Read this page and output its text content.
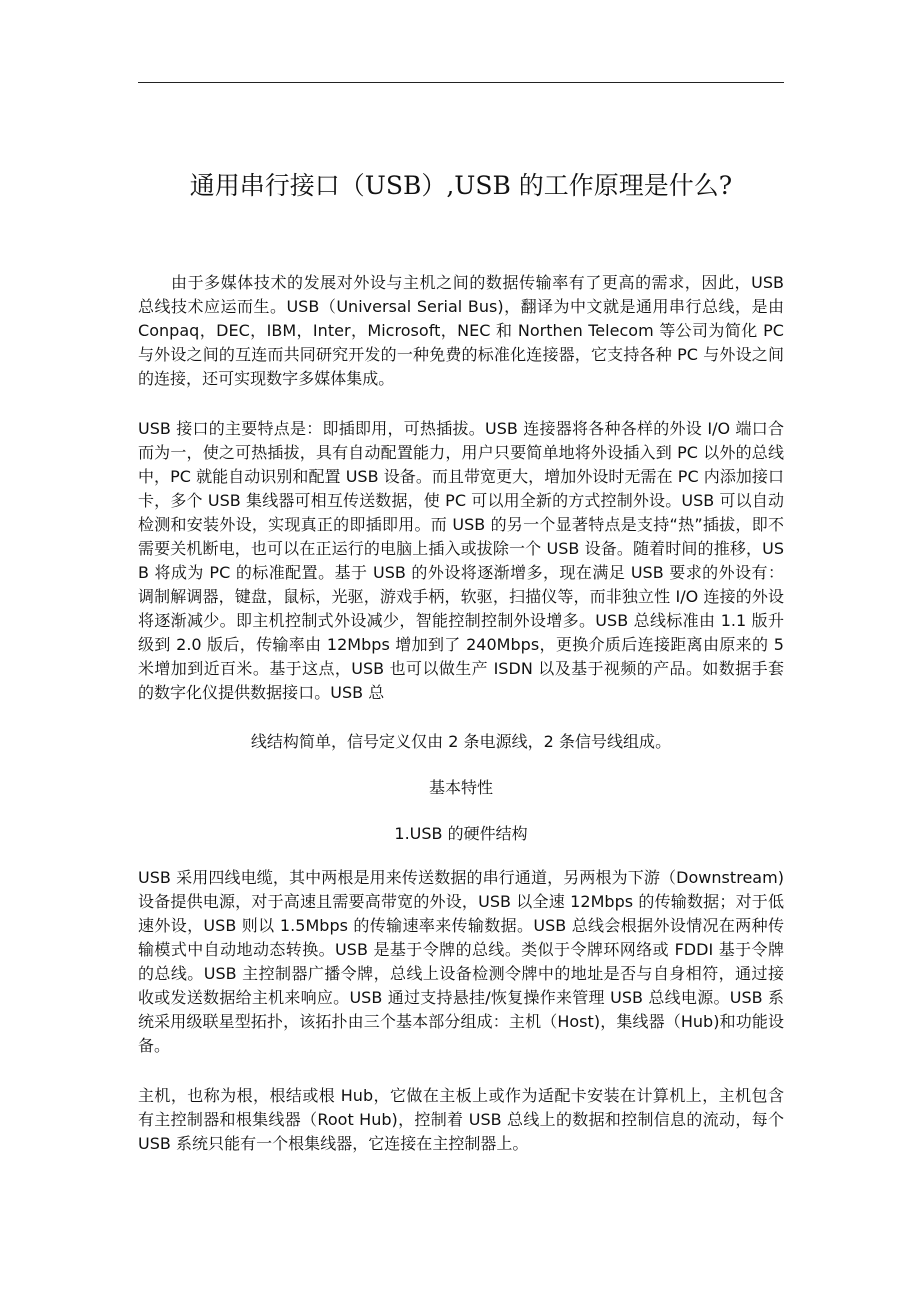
通用串行接口（USB）,USB 的工作原理是什么?
由于多媒体技术的发展对外设与主机之间的数据传输率有了更高的需求，因此，USB 总线技术应运而生。USB（Universal Serial Bus)，翻译为中文就是通用串行总线，是由 Conpaq，DEC，IBM，Inter，Microsoft，NEC 和 Northen Telecom 等公司为简化 PC 与外设之间的互连而共同研究开发的一种免费的标准化连接器，它支持各种 PC 与外设之间的连接，还可实现数字多媒体集成。
USB 接口的主要特点是：即插即用，可热插拔。USB 连接器将各种各样的外设 I/O 端口合而为一，使之可热插拔，具有自动配置能力，用户只要简单地将外设插入到 PC 以外的总线中，PC 就能自动识别和配置 USB 设备。而且带宽更大，增加外设时无需在 PC 内添加接口卡，多个 USB 集线器可相互传送数据，使 PC 可以用全新的方式控制外设。USB 可以自动检测和安装外设，实现真正的即插即用。而 USB 的另一个显著特点是支持“热”插拔，即不需要关机断电，也可以在正运行的电脑上插入或拔除一个 USB 设备。随着时间的推移，USB 将成为 PC 的标准配置。基于 USB 的外设将逐渐增多，现在满足 USB 要求的外设有：调制解调器，键盘，鼠标，光驱，游戏手柄，软驱，扫描仪等，而非独立性 I/O 连接的外设将逐渐减少。即主机控制式外设减少，智能控制控制外设增多。USB 总线标准由 1.1 版升级到 2.0 版后，传输率由 12Mbps 增加到了 240Mbps，更换介质后连接距离由原来的 5 米增加到近百米。基于这点，USB 也可以做生产 ISDN 以及基于视频的产品。如数据手套的数字化仪提供数据接口。USB 总
线结构简单，信号定义仅由 2 条电源线，2 条信号线组成。
基本特性
1.USB 的硬件结构
USB 采用四线电缆，其中两根是用来传送数据的串行通道，另两根为下游（Downstream)设备提供电源，对于高速且需要高带宽的外设，USB 以全速 12Mbps 的传输数据；对于低速外设，USB 则以 1.5Mbps 的传输速率来传输数据。USB 总线会根据外设情况在两种传输模式中自动地动态转换。USB 是基于令牌的总线。类似于令牌环网络或 FDDI 基于令牌的总线。USB 主控制器广播令牌，总线上设备检测令牌中的地址是否与自身相符，通过接收或发送数据给主机来响应。USB 通过支持悬挂/恢复操作来管理 USB 总线电源。USB 系统采用级联星型拓扑，该拓扑由三个基本部分组成：主机（Host)，集线器（Hub)和功能设备。
主机，也称为根，根结或根 Hub，它做在主板上或作为适配卡安装在计算机上，主机包含有主控制器和根集线器（Root Hub)，控制着 USB 总线上的数据和控制信息的流动，每个 USB 系统只能有一个根集线器，它连接在主控制器上。
